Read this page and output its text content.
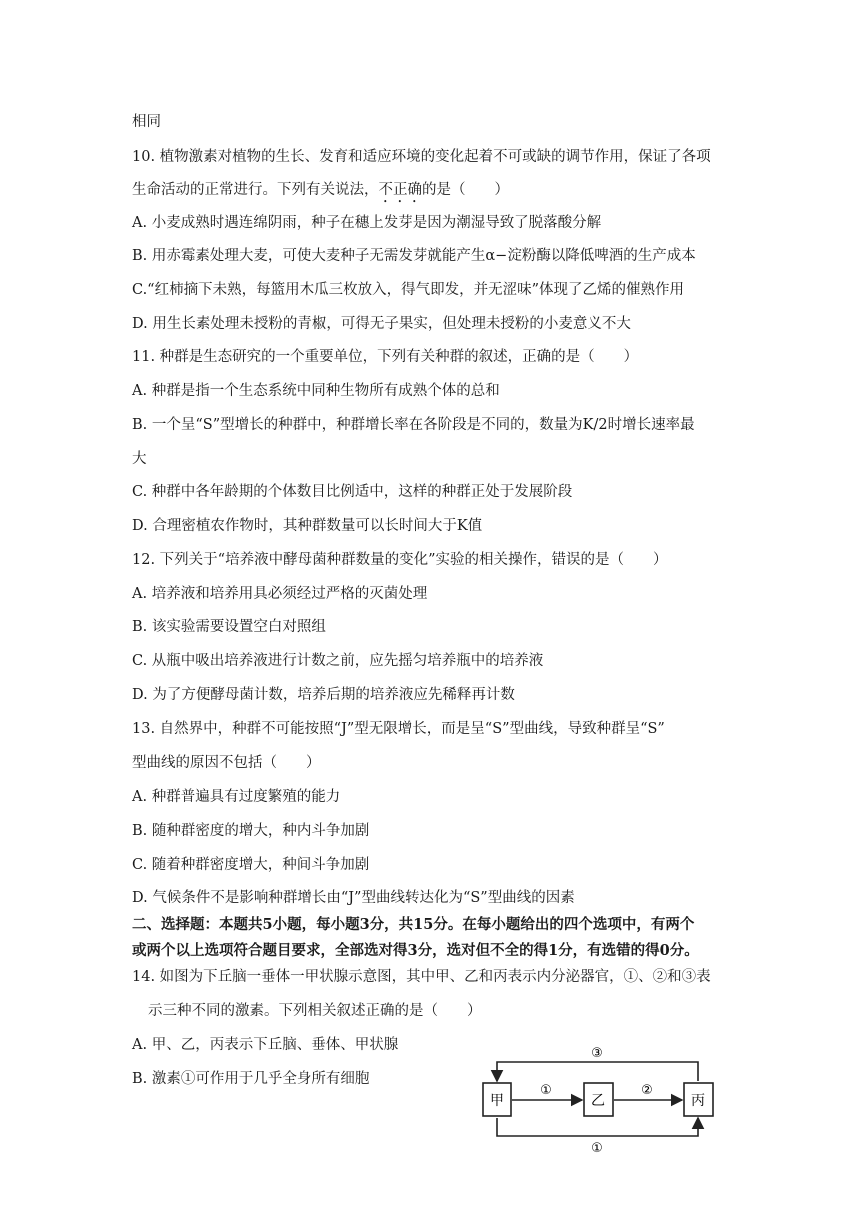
相同
10. 植物激素对植物的生长、发育和适应环境的变化起着不可或缺的调节作用，保证了各项
生命活动的正常进行。下列有关说法，不正确的是（　　）
A. 小麦成熟时遇连绵阴雨，种子在穗上发芽是因为潮湿导致了脱落酸分解
B. 用赤霉素处理大麦，可使大麦种子无需发芽就能产生α−淀粉酶以降低啤酒的生产成本
C.“红柿摘下未熟，每篮用木瓜三枚放入，得气即发，并无涩味”体现了乙烯的催熟作用
D. 用生长素处理未授粉的青椒，可得无子果实，但处理未授粉的小麦意义不大
11. 种群是生态研究的一个重要单位，下列有关种群的叙述，正确的是（　　）
A. 种群是指一个生态系统中同种生物所有成熟个体的总和
B. 一个呈“S”型增长的种群中，种群增长率在各阶段是不同的，数量为K/2时增长速率最
大
C. 种群中各年龄期的个体数目比例适中，这样的种群正处于发展阶段
D. 合理密植农作物时，其种群数量可以长时间大于K值
12. 下列关于“培养液中酵母菌种群数量的变化”实验的相关操作，错误的是（　　）
A. 培养液和培养用具必须经过严格的灭菌处理
B. 该实验需要设置空白对照组
C. 从瓶中吸出培养液进行计数之前，应先摇匀培养瓶中的培养液
D. 为了方便酵母菌计数，培养后期的培养液应先稀释再计数
13. 自然界中，种群不可能按照“J”型无限增长，而是呈“S”型曲线，导致种群呈“S”
型曲线的原因不包括（　　）
A. 种群普遍具有过度繁殖的能力
B. 随种群密度的增大，种内斗争加剧
C. 随着种群密度增大，种间斗争加剧
D. 气候条件不是影响种群增长由“J”型曲线转达化为“S”型曲线的因素
二、选择题：本题共5小题，每小题3分，共15分。在每小题给出的四个选项中，有两个
或两个以上选项符合题目要求，全部选对得3分，选对但不全的得1分，有选错的得0分。
14. 如图为下丘脑一垂体一甲状腺示意图，其中甲、乙和丙表示内分泌器官，①、②和③表
示三种不同的激素。下列相关叙述正确的是（　　）
A. 甲、乙，丙表示下丘脑、垂体、甲状腺
B. 激素①可作用于几乎全身所有细胞
甲	乙	丙
③
①	②
①
